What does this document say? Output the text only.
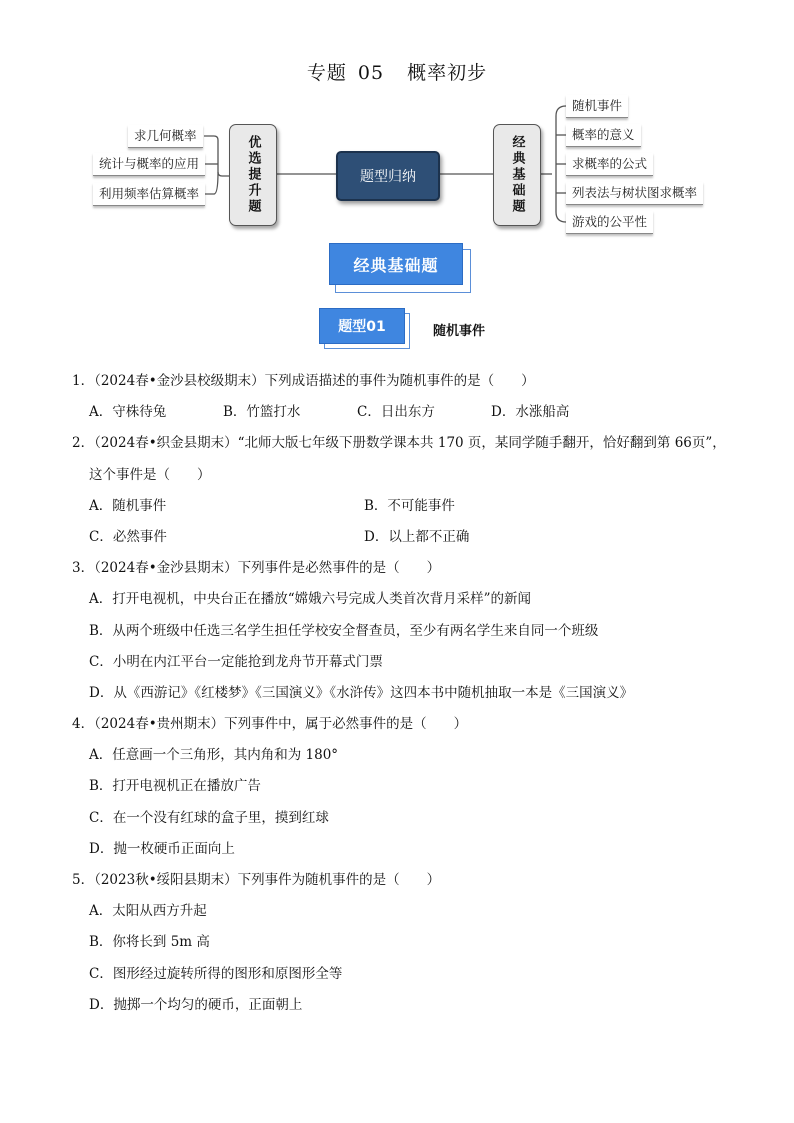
专题 05 概率初步
求几何概率
统计与概率的应用
利用频率估算概率	优选提升题	题型归纳	经典基础题
随机事件
概率的意义
求概率的公式
列表法与树状图求概率
游戏的公平性
经典基础题
题型01	随机事件
1．（2024春•金沙县校级期末）下列成语描述的事件为随机事件的是（　　）
A．守株待兔	B．竹篮打水	C．日出东方	D．水涨船高
2．（2024春•织金县期末）“北师大版七年级下册数学课本共 170 页，某同学随手翻开，恰好翻到第 66页”，
这个事件是（　　）
A．随机事件	B．不可能事件
C．必然事件	D．以上都不正确
3．（2024春•金沙县期末）下列事件是必然事件的是（　　）
A．打开电视机，中央台正在播放“嫦娥六号完成人类首次背月采样”的新闻
B．从两个班级中任选三名学生担任学校安全督查员，至少有两名学生来自同一个班级
C．小明在内江平台一定能抢到龙舟节开幕式门票
D．从《西游记》《红楼梦》《三国演义》《水浒传》这四本书中随机抽取一本是《三国演义》
4．（2024春•贵州期末）下列事件中，属于必然事件的是（　　）
A．任意画一个三角形，其内角和为 180°
B．打开电视机正在播放广告
C．在一个没有红球的盒子里，摸到红球
D．抛一枚硬币正面向上
5．（2023秋•绥阳县期末）下列事件为随机事件的是（　　）
A．太阳从西方升起
B．你将长到 5m 高
C．图形经过旋转所得的图形和原图形全等
D．抛掷一个均匀的硬币，正面朝上
